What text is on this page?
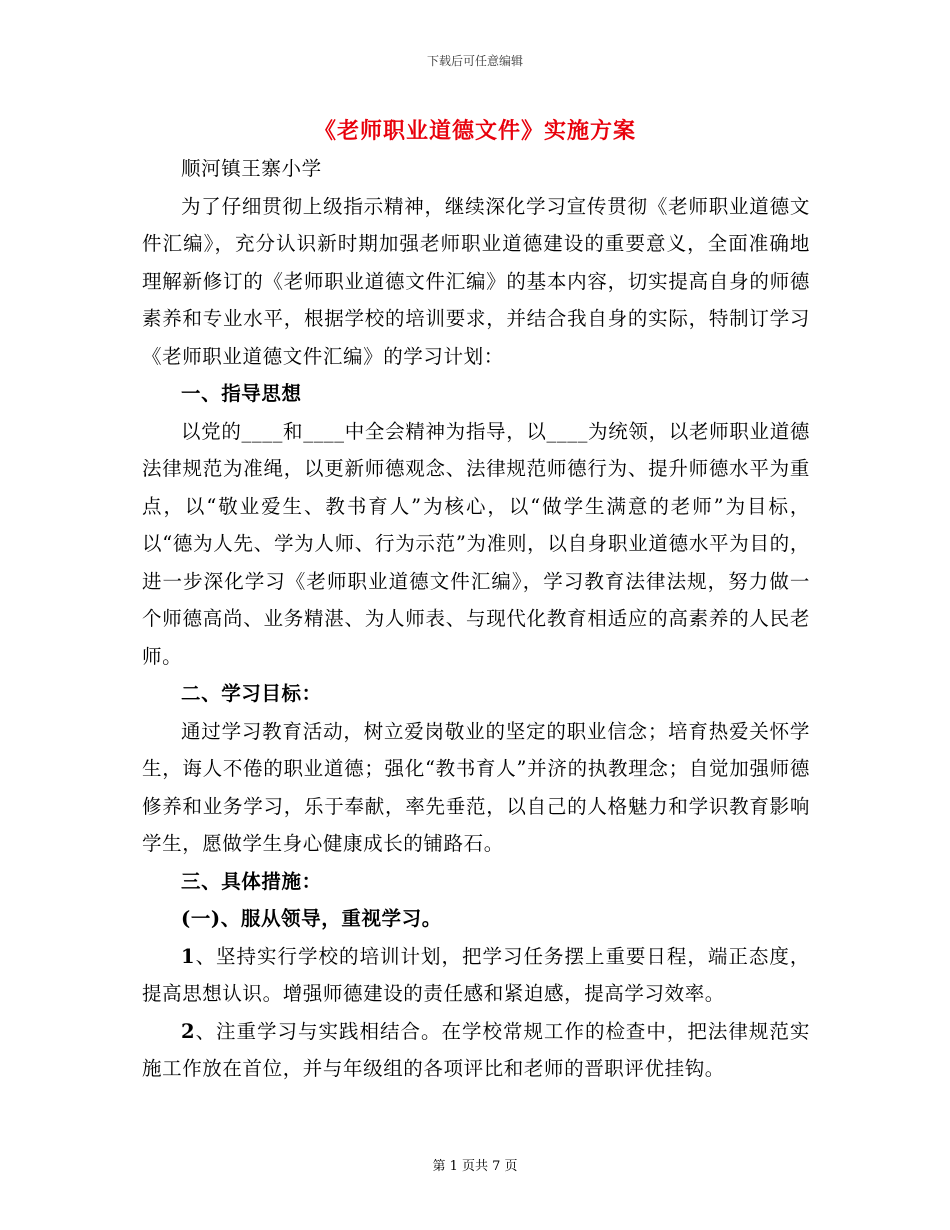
下载后可任意编辑
《老师职业道德文件》实施方案

顺河镇王寨小学

为了仔细贯彻上级指示精神，继续深化学习宣传贯彻《老师职业道德文件汇编》，充分认识新时期加强老师职业道德建设的重要意义，全面准确地理解新修订的《老师职业道德文件汇编》的基本内容，切实提高自身的师德素养和专业水平，根据学校的培训要求，并结合我自身的实际，特制订学习《老师职业道德文件汇编》的学习计划：

一、指导思想

以党的____和____中全会精神为指导，以____为统领，以老师职业道德法律规范为准绳，以更新师德观念、法律规范师德行为、提升师德水平为重点，以“敬业爱生、教书育人”为核心，以“做学生满意的老师”为目标，以“德为人先、学为人师、行为示范”为准则，以自身职业道德水平为目的，进一步深化学习《老师职业道德文件汇编》，学习教育法律法规，努力做一个师德高尚、业务精湛、为人师表、与现代化教育相适应的高素养的人民老师。

二、学习目标：

通过学习教育活动，树立爱岗敬业的坚定的职业信念；培育热爱关怀学生，诲人不倦的职业道德；强化“教书育人”并济的执教理念；自觉加强师德修养和业务学习，乐于奉献，率先垂范，以自己的人格魅力和学识教育影响学生，愿做学生身心健康成长的铺路石。

三、具体措施：

(一)、服从领导，重视学习。

1、坚持实行学校的培训计划，把学习任务摆上重要日程，端正态度，提高思想认识。增强师德建设的责任感和紧迫感，提高学习效率。

2、注重学习与实践相结合。在学校常规工作的检查中，把法律规范实施工作放在首位，并与年级组的各项评比和老师的晋职评优挂钩。

第 1 页共 7 页
